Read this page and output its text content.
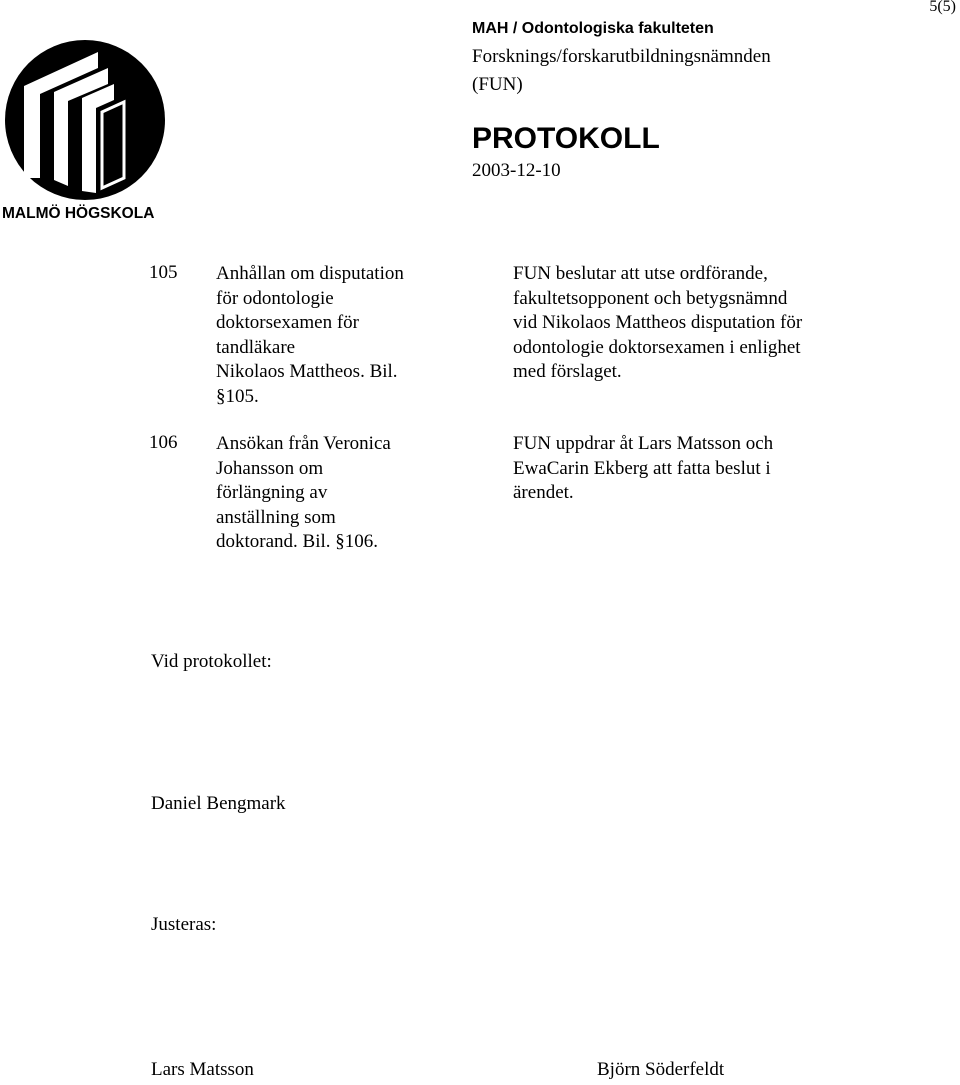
5(5)
MALMÖ HÖGSKOLA
MAH / Odontologiska fakulteten
Forsknings/forskarutbildningsnämnden
(FUN)
PROTOKOLL
2003-12-10
105 Anhållan om disputation
för odontologie
doktorsexamen för
tandläkare
Nikolaos Mattheos. Bil.
§105.
FUN beslutar att utse ordförande,
fakultetsopponent och betygsnämnd
vid Nikolaos Mattheos disputation för
odontologie doktorsexamen i enlighet
med förslaget.
106 Ansökan från Veronica
Johansson om
förlängning av
anställning som
doktorand. Bil. §106.
FUN uppdrar åt Lars Matsson och
EwaCarin Ekberg att fatta beslut i
ärendet.
Vid protokollet:
Daniel Bengmark
Justeras:
Lars Matsson	Björn Söderfeldt
